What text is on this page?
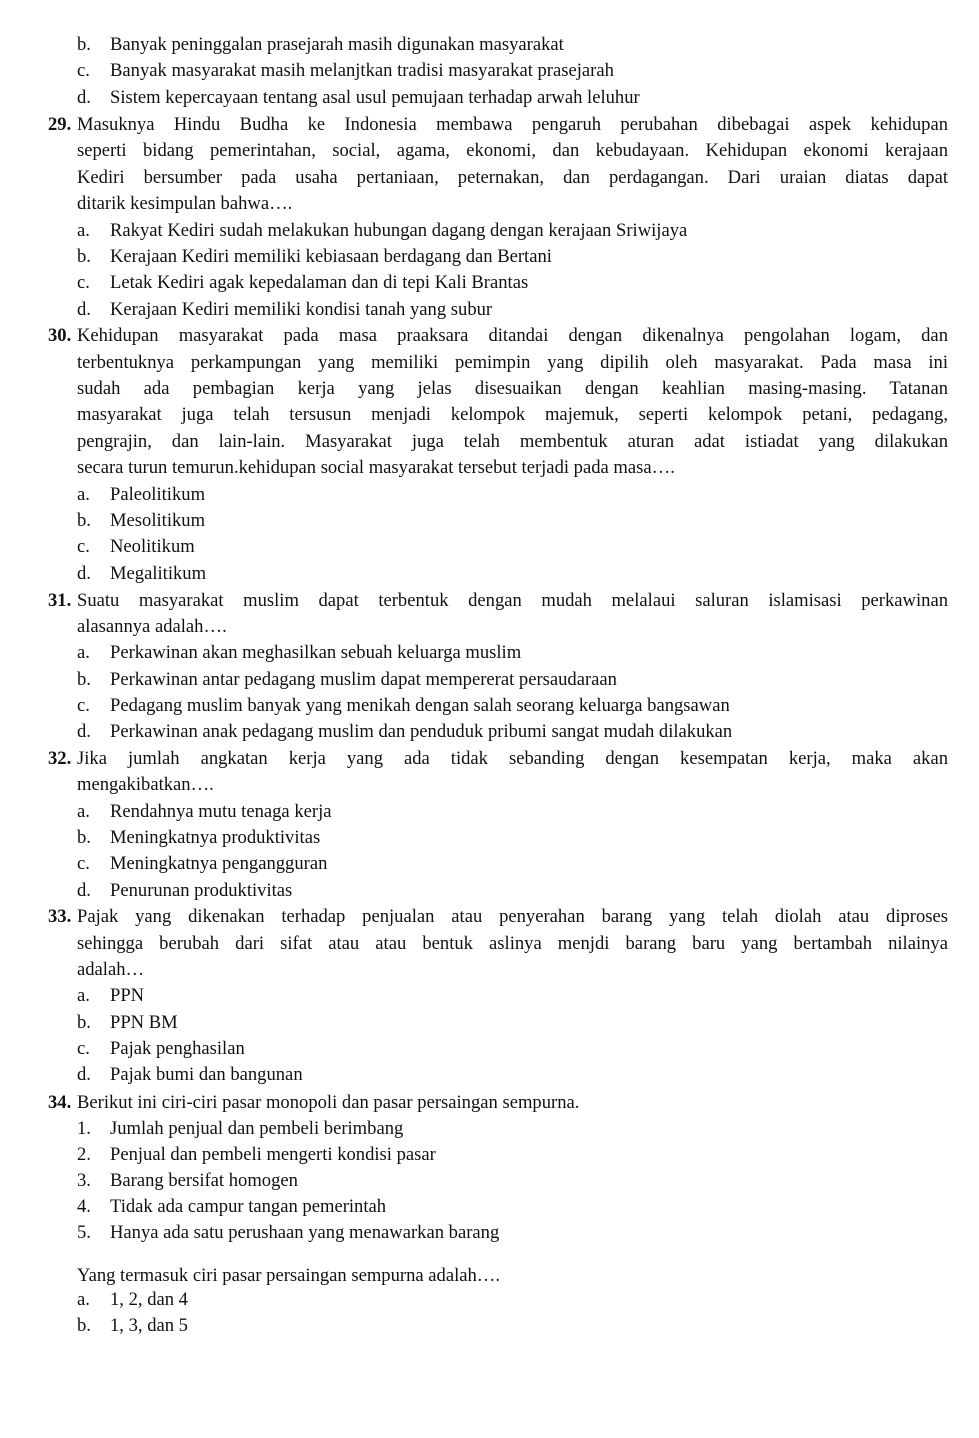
b. Banyak peninggalan prasejarah masih digunakan masyarakat
c. Banyak masyarakat masih melanjtkan tradisi masyarakat prasejarah
d. Sistem kepercayaan tentang asal usul pemujaan terhadap arwah leluhur
29. Masuknya Hindu Budha ke Indonesia membawa pengaruh perubahan dibebagai aspek kehidupan
seperti bidang pemerintahan, social, agama, ekonomi, dan kebudayaan. Kehidupan ekonomi kerajaan
Kediri bersumber pada usaha pertaniaan, peternakan, dan perdagangan. Dari uraian diatas dapat
ditarik kesimpulan bahwa….
a. Rakyat Kediri sudah melakukan hubungan dagang dengan kerajaan Sriwijaya
b. Kerajaan Kediri memiliki kebiasaan berdagang dan Bertani
c. Letak Kediri agak kepedalaman dan di tepi Kali Brantas
d. Kerajaan Kediri memiliki kondisi tanah yang subur
30. Kehidupan masyarakat pada masa praaksara ditandai dengan dikenalnya pengolahan logam, dan
terbentuknya perkampungan yang memiliki pemimpin yang dipilih oleh masyarakat. Pada masa ini
sudah ada pembagian kerja yang jelas disesuaikan dengan keahlian masing-masing. Tatanan
masyarakat juga telah tersusun menjadi kelompok majemuk, seperti kelompok petani, pedagang,
pengrajin, dan lain-lain. Masyarakat juga telah membentuk aturan adat istiadat yang dilakukan
secara turun temurun.kehidupan social masyarakat tersebut terjadi pada masa….
a. Paleolitikum
b. Mesolitikum
c. Neolitikum
d. Megalitikum
31. Suatu masyarakat muslim dapat terbentuk dengan mudah melalaui saluran islamisasi perkawinan
alasannya adalah….
a. Perkawinan akan meghasilkan sebuah keluarga muslim
b. Perkawinan antar pedagang muslim dapat mempererat persaudaraan
c. Pedagang muslim banyak yang menikah dengan salah seorang keluarga bangsawan
d. Perkawinan anak pedagang muslim dan penduduk pribumi sangat mudah dilakukan
32. Jika jumlah angkatan kerja yang ada tidak sebanding dengan kesempatan kerja, maka akan
mengakibatkan….
a. Rendahnya mutu tenaga kerja
b. Meningkatnya produktivitas
c. Meningkatnya pengangguran
d. Penurunan produktivitas
33. Pajak yang dikenakan terhadap penjualan atau penyerahan barang yang telah diolah atau diproses
sehingga berubah dari sifat atau atau bentuk aslinya menjdi barang baru yang bertambah nilainya
adalah…
a. PPN
b. PPN BM
c. Pajak penghasilan
d. Pajak bumi dan bangunan
34. Berikut ini ciri-ciri pasar monopoli dan pasar persaingan sempurna.
1. Jumlah penjual dan pembeli berimbang
2. Penjual dan pembeli mengerti kondisi pasar
3. Barang bersifat homogen
4. Tidak ada campur tangan pemerintah
5. Hanya ada satu perushaan yang menawarkan barang
Yang termasuk ciri pasar persaingan sempurna adalah….
a. 1, 2, dan 4
b. 1, 3, dan 5
